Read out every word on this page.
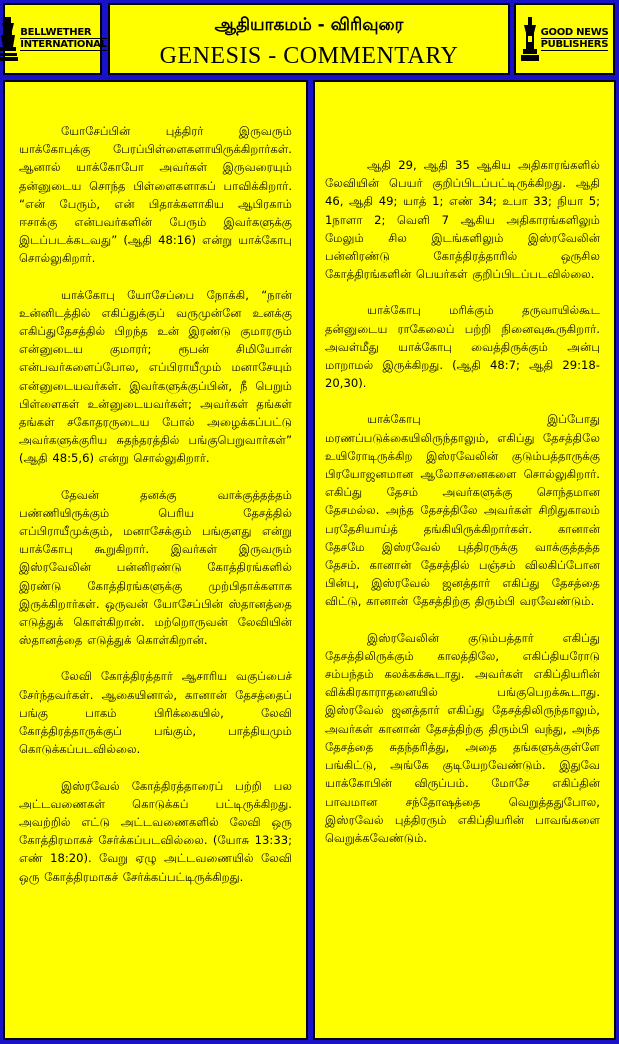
BELLWETHER
INTERNATIONAL
ஆதியாகமம் - விரிவுரை
GENESIS - COMMENTARY
GOOD NEWS
PUBLISHERS

யோசேப்பின் புத்திரர் இருவரும் யாக்கோபுக்கு பேரப்பிள்ளைகளாயிருக்கிறார்கள். ஆனால் யாக்கோபோ அவர்கள் இருவரையும் தன்னுடைய சொந்த பிள்ளைகளாகப் பாவிக்கிறார். “என் பேரும், என் பிதாக்களாகிய ஆபிரகாம் ஈசாக்கு என்பவர்களின் பேரும் இவர்களுக்கு இடப்படக்கடவது” (ஆதி 48:16) என்று யாக்கோபு சொல்லுகிறார்.

யாக்கோபு யோசேப்பை நோக்கி, “நான் உன்னிடத்தில் எகிப்துக்குப் வருமுன்னே உனக்கு எகிப்துதேசத்தில் பிறந்த உன் இரண்டு குமாரரும் என்னுடைய குமாரர்; ரூபன் சிமியோன் என்பவர்களைப்போல, எப்பிராயீமும் மனாசேயும் என்னுடையவர்கள். இவர்களுக்குப்பின், நீ பெறும் பிள்ளைகள் உன்னுடையவர்கள்; அவர்கள் தங்கள் தங்கள் சகோதரருடைய போல் அழைக்கப்பட்டு அவர்களுக்குரிய சுதந்தரத்தில் பங்குபெறுவார்கள்” (ஆதி 48:5,6) என்று சொல்லுகிறார்.

தேவன் தனக்கு வாக்குத்தத்தம் பண்ணியிருக்கும் பெரிய தேசத்தில் எப்பிராயீமுக்கும், மனாசேக்கும் பங்குளது என்று யாக்கோபு கூறுகிறார். இவர்கள் இருவரும் இஸ்ரவேலின் பன்னிரண்டு கோத்திரங்களில் இரண்டு கோத்திரங்களுக்கு முற்பிதாக்களாக இருக்கிறார்கள். ஒருவன் யோசேப்பின் ஸ்தானத்தை எடுத்துக் கொள்கிறான். மற்றொருவன் லேவியின் ஸ்தானத்தை எடுத்துக் கொள்கிறான்.

லேவி கோத்திரத்தார் ஆசாரிய வகுப்பைச் சேர்ந்தவர்கள். ஆகையினால், கானான் தேசத்தைப் பங்கு பாகம் பிரிக்கையில், லேவி கோத்திரத்தாருக்குப் பங்கும், பாத்தியமும் கொடுக்கப்படவில்லை.

இஸ்ரவேல் கோத்திரத்தாரைப் பற்றி பல அட்டவணைகள் கொடுக்கப் பட்டிருக்கிறது. அவற்றில் எட்டு அட்டவணைகளில் லேவி ஒரு கோத்திரமாகச் சேர்க்கப்படவில்லை. (யோசு 13:33; எண் 18:20). வேறு ஏழு அட்டவணையில் லேவி ஒரு கோத்திரமாகச் சேர்க்கப்பட்டிருக்கிறது.

ஆதி 29, ஆதி 35 ஆகிய அதிகாரங்களில் லேவியின் பெயர் குறிப்பிடப்பட்டிருக்கிறது. ஆதி 46, ஆதி 49; யாத் 1; எண் 34; உபா 33; நியா 5; 1நாளா 2; வெளி 7 ஆகிய அதிகாரங்களிலும் மேலும் சில இடங்களிலும் இஸ்ரவேலின் பன்னிரண்டு கோத்திரத்தாரில் ஒருசில கோத்திரங்களின் பெயர்கள் குறிப்பிடப்படவில்லை.

யாக்கோபு மரிக்கும் தருவாயில்கூட தன்னுடைய ராகேலைப் பற்றி நினைவுகூருகிறார். அவள்மீது யாக்கோபு வைத்திருக்கும் அன்பு மாறாமல் இருக்கிறது. (ஆதி 48:7; ஆதி 29:18-20,30).

யாக்கோபு இப்போது மரணப்படுக்கையிலிருந்தாலும், எகிப்து தேசத்திலே உயிரோடிருக்கிற இஸ்ரவேலின் குடும்பத்தாருக்கு பிரயோஜனமான ஆலோசனைகளை சொல்லுகிறார். எகிப்து தேசம் அவர்களுக்கு சொந்தமான தேசமல்ல. அந்த தேசத்திலே அவர்கள் சிறிதுகாலம் பரதேசியாய்த் தங்கியிருக்கிறார்கள். கானான் தேசமே இஸ்ரவேல் புத்திரருக்கு வாக்குத்தத்த தேசம். கானான் தேசத்தில் பஞ்சம் விலகிப்போன பின்பு, இஸ்ரவேல் ஜனத்தார் எகிப்து தேசத்தை விட்டு, கானான் தேசத்திற்கு திரும்பி வரவேண்டும்.

இஸ்ரவேலின் குடும்பத்தார் எகிப்து தேசத்திலிருக்கும் காலத்திலே, எகிப்தியரோடு சம்பந்தம் கலக்கக்கூடாது. அவர்கள் எகிப்தியரின் விக்கிரகாராதனையில் பங்குபெறக்கூடாது. இஸ்ரவேல் ஜனத்தார் எகிப்து தேசத்திலிருந்தாலும், அவர்கள் கானான் தேசத்திற்கு திரும்பி வந்து, அந்த தேசத்தை சுதந்தரித்து, அதை தங்களுக்குள்ளே பங்கிட்டு, அங்கே குடியேறவேண்டும். இதுவே யாக்கோபின் விருப்பம். மோசே எகிப்தின் பாவமான சந்தோஷத்தை வெறுத்ததுபோல, இஸ்ரவேல் புத்திரரும் எகிப்தியரின் பாவங்களை வெறுக்கவேண்டும்.
